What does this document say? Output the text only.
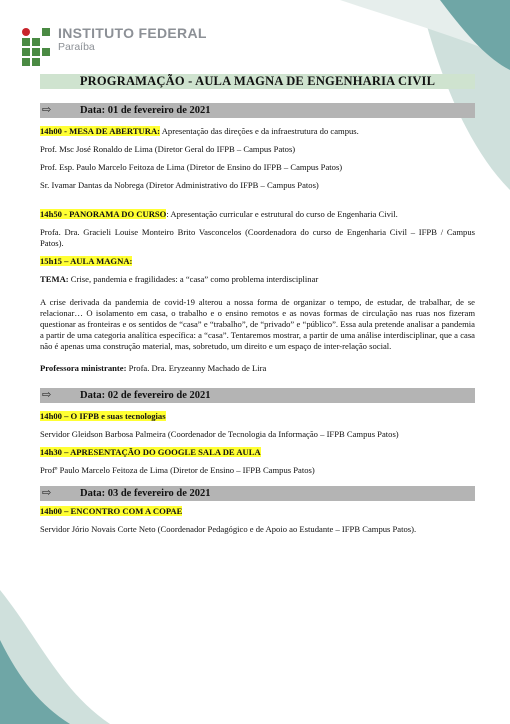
INSTITUTO FEDERAL
Paraíba
PROGRAMAÇÃO - AULA MAGNA DE ENGENHARIA CIVIL
⇨	Data: 01 de fevereiro de 2021

14h00 - MESA DE ABERTURA: Apresentação das direções e da infraestrutura do campus.

Prof. Msc José Ronaldo de Lima (Diretor Geral do IFPB – Campus Patos)

Prof. Esp. Paulo Marcelo Feitoza de Lima (Diretor de Ensino do IFPB – Campus Patos)

Sr. Ivamar Dantas da Nobrega (Diretor Administrativo do IFPB – Campus Patos)

14h50 - PANORAMA DO CURSO: Apresentação curricular e estrutural do curso de Engenharia Civil.

Profa. Dra. Gracieli Louise Monteiro Brito Vasconcelos (Coordenadora do curso de Engenharia Civil – IFPB / Campus Patos).

15h15 – AULA MAGNA:

TEMA: Crise, pandemia e fragilidades: a “casa” como problema interdisciplinar

A crise derivada da pandemia de covid-19 alterou a nossa forma de organizar o tempo, de estudar, de trabalhar, de se relacionar… O isolamento em casa, o trabalho e o ensino remotos e as novas formas de circulação nas ruas nos fizeram questionar as fronteiras e os sentidos de “casa” e “trabalho”, de “privado” e “público”. Essa aula pretende analisar a pandemia a partir de uma categoria analítica específica: a “casa”. Tentaremos mostrar, a partir de uma análise interdisciplinar, que a casa não é apenas uma construção material, mas, sobretudo, um direito e um espaço de inter-relação social.

Professora ministrante: Profa. Dra. Eryzeanny Machado de Lira

⇨	Data: 02 de fevereiro de 2021

14h00 – O IFPB e suas tecnologias

Servidor Gleidson Barbosa Palmeira (Coordenador de Tecnologia da Informação – IFPB Campus Patos)

14h30 – APRESENTAÇÃO DO GOOGLE SALA DE AULA

Profº Paulo Marcelo Feitoza de Lima (Diretor de Ensino – IFPB Campus Patos)

⇨	Data: 03 de fevereiro de 2021

14h00 – ENCONTRO COM A COPAE

Servidor Jório Novais Corte Neto (Coordenador Pedagógico e de Apoio ao Estudante – IFPB Campus Patos).
